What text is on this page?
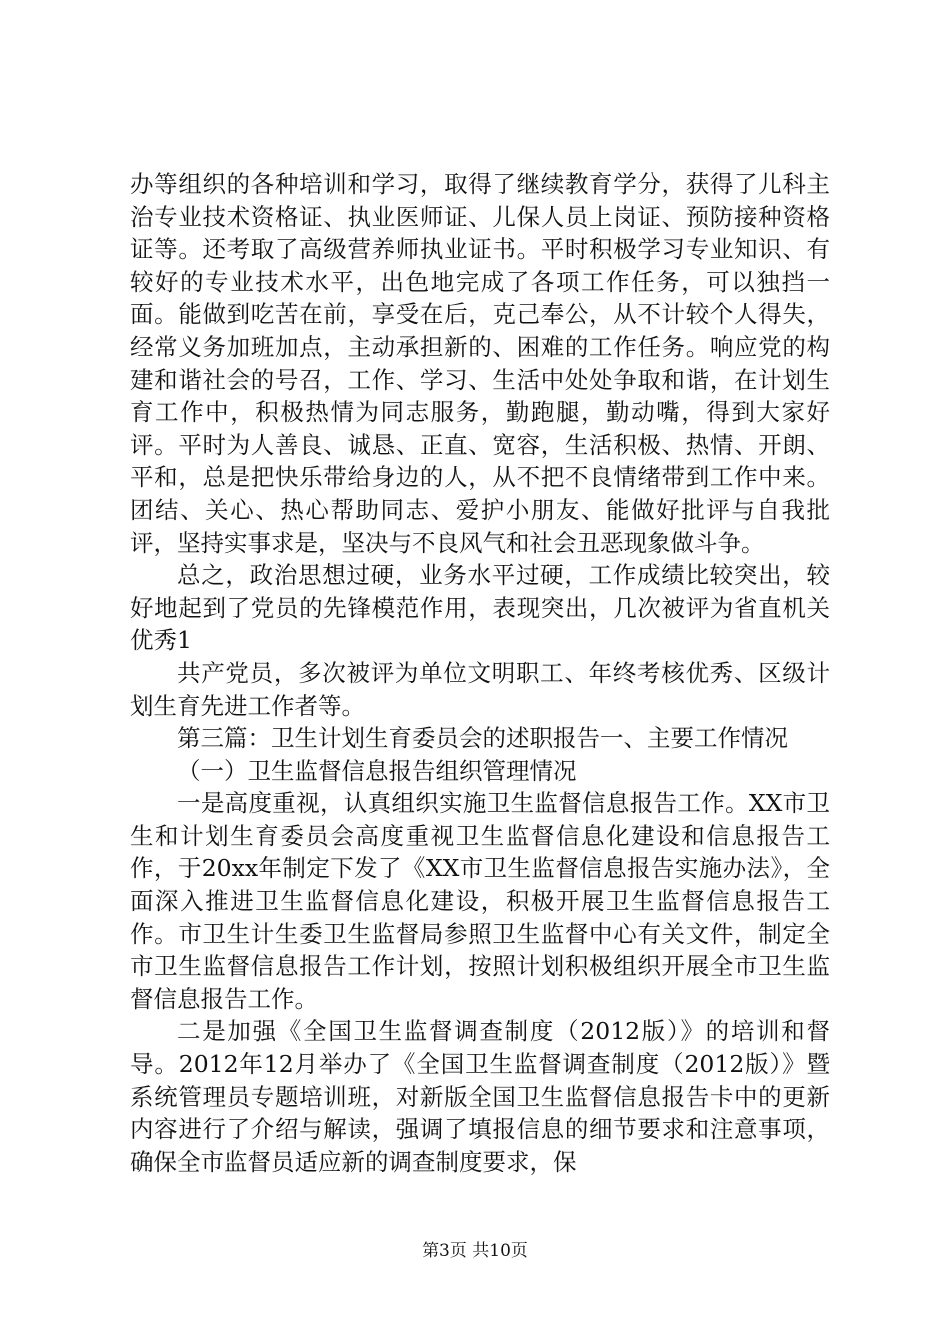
办等组织的各种培训和学习，取得了继续教育学分，获得了儿科主治专业技术资格证、执业医师证、儿保人员上岗证、预防接种资格证等。还考取了高级营养师执业证书。平时积极学习专业知识、有较好的专业技术水平，出色地完成了各项工作任务，可以独挡一面。能做到吃苦在前，享受在后，克己奉公，从不计较个人得失，经常义务加班加点，主动承担新的、困难的工作任务。响应党的构建和谐社会的号召，工作、学习、生活中处处争取和谐，在计划生育工作中，积极热情为同志服务，勤跑腿，勤动嘴，得到大家好评。平时为人善良、诚恳、正直、宽容，生活积极、热情、开朗、平和，总是把快乐带给身边的人，从不把不良情绪带到工作中来。团结、关心、热心帮助同志、爱护小朋友、能做好批评与自我批评，坚持实事求是，坚决与不良风气和社会丑恶现象做斗争。

总之，政治思想过硬，业务水平过硬，工作成绩比较突出，较好地起到了党员的先锋模范作用，表现突出，几次被评为省直机关优秀1

共产党员，多次被评为单位文明职工、年终考核优秀、区级计划生育先进工作者等。

第三篇：卫生计划生育委员会的述职报告一、主要工作情况

（一）卫生监督信息报告组织管理情况

一是高度重视，认真组织实施卫生监督信息报告工作。XX市卫生和计划生育委员会高度重视卫生监督信息化建设和信息报告工作，于20xx年制定下发了《XX市卫生监督信息报告实施办法》，全面深入推进卫生监督信息化建设，积极开展卫生监督信息报告工作。市卫生计生委卫生监督局参照卫生监督中心有关文件，制定全市卫生监督信息报告工作计划，按照计划积极组织开展全市卫生监督信息报告工作。

二是加强《全国卫生监督调查制度（2012版）》的培训和督导。2012年12月举办了《全国卫生监督调查制度（2012版）》暨系统管理员专题培训班，对新版全国卫生监督信息报告卡中的更新内容进行了介绍与解读，强调了填报信息的细节要求和注意事项，确保全市监督员适应新的调查制度要求，保

第3页 共10页
